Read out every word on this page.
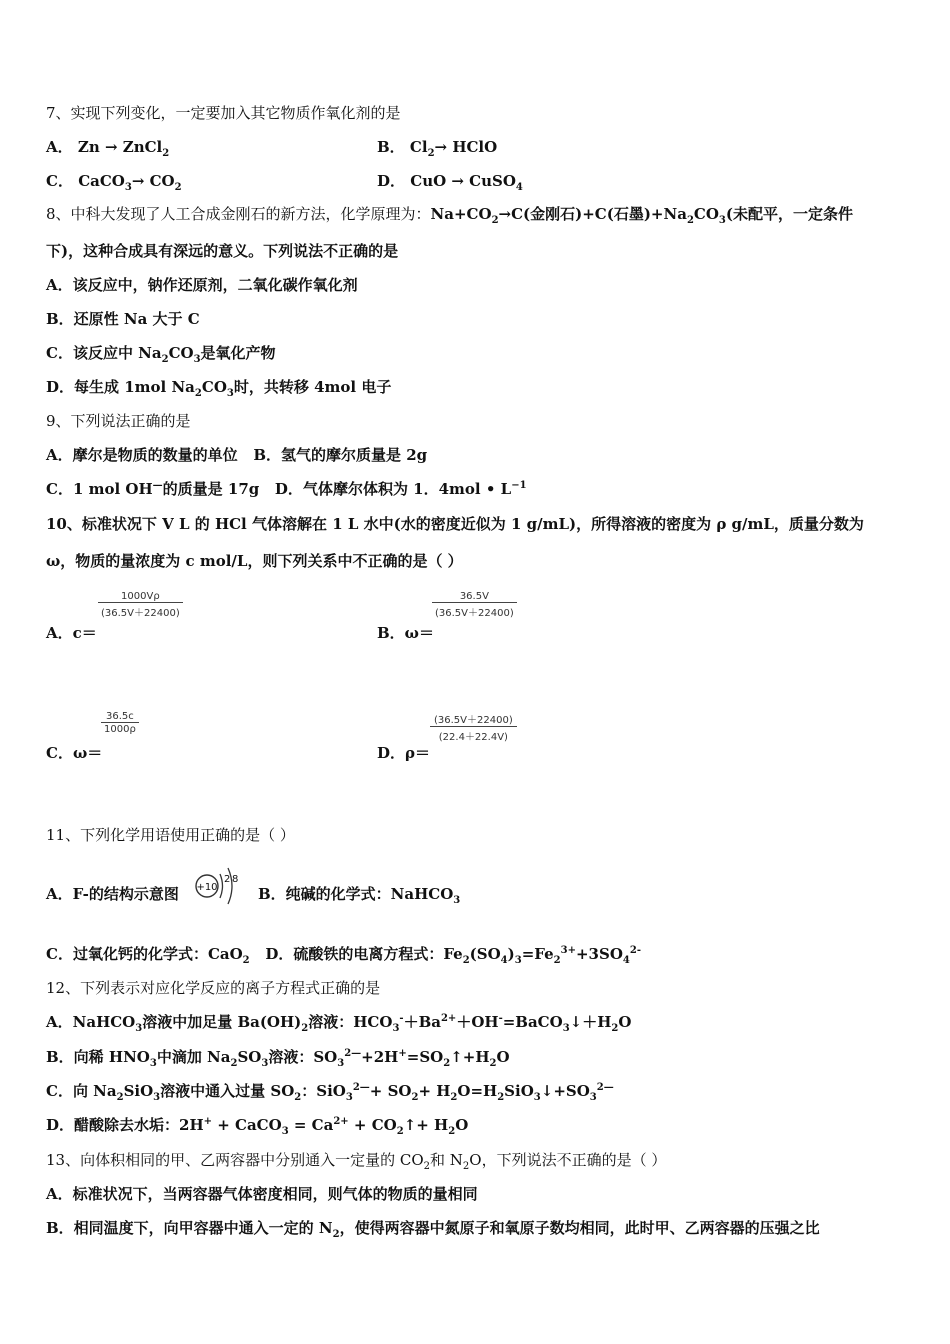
7、实现下列变化，一定要加入其它物质作氧化剂的是
A． Zn → ZnCl$_2$	B． $Cl_2\to$ HClO
C． CaCO$_3$→ $CO_2$	D． CuO → CuSO$_4$
8、中科大发现了人工合成金刚石的新方法，化学原理为：$Na+CO_2\to C$(金刚石)+C(石墨)$+Na_2CO_3$(未配平，一定条件
下)，这种合成具有深远的意义。下列说法不正确的是
A．该反应中，钠作还原剂，二氧化碳作氧化剂
B．还原性 Na 大于 C
C．该反应中 $Na_2CO_3$是氧化产物
D．每生成 1mol $Na_2CO_3$时，共转移 4mol 电子
9、下列说法正确的是
A．摩尔是物质的数量的单位 B．氢气的摩尔质量是 2g
C．1 mol OH—的质量是 17g D．气体摩尔体积为 1．4mol • $L^{-1}$
10、标准状况下 V L 的 HCl 气体溶解在 1 L 水中(水的密度近似为 1 g/mL)，所得溶液的密度为 ρ g/mL，质量分数为
ω，物质的量浓度为 c mol/L，则下列关系中不正确的是（ ）
A．c＝
1000Vρ
( 36.5V＋22400 )
B．ω＝
36.5V
( 36.5V＋22400 )
C．ω＝
$\frac{36.5c}{1000\rho}$
D．ρ＝
(36.5V＋22400)
( 22.4＋22.4V )
11、下列化学用语使用正确的是（ ）
A．F-的结构示意图 +10
2 8
B．纯碱的化学式：NaHCO$_3$
C．过氧化钙的化学式：CaO$_2$ D．硫酸铁的电离方程式：$Fe_2(SO_4)_3=Fe_2^{3+}+3SO_4^{2-}$
12、下列表示对应化学反应的离子方程式正确的是
A．NaHCO$_3$溶液中加足量 $Ba(OH)_2$溶液：$HCO_3^-+Ba^{2+}+OH^-=BaCO_3↓+H_2O$
B．向稀 $HNO_3$中滴加 $Na_2SO_3$溶液：$SO_3^{2—}+2H^+=SO_2↑+H_2O$
C．向 $Na_2SiO_3$溶液中通入过量 $SO_2$：$SiO_3^{2—}+ SO_2+$ $H_2O=H_2SiO_3↓+SO_3^{2—}$
D．醋酸除去水垢：2H+ + CaCO$_3$ = $Ca^{2+}$ + $CO_2↑+ H_2O$
13、向体积相同的甲、乙两容器中分别通入一定量的 $CO_2$和 $N_2O$，下列说法不正确的是（ ）
A．标准状况下，当两容器气体密度相同，则气体的物质的量相同
B．相同温度下，向甲容器中通入一定的 $N_2$，使得两容器中氮原子和氧原子数均相同，此时甲、乙两容器的压强之比
